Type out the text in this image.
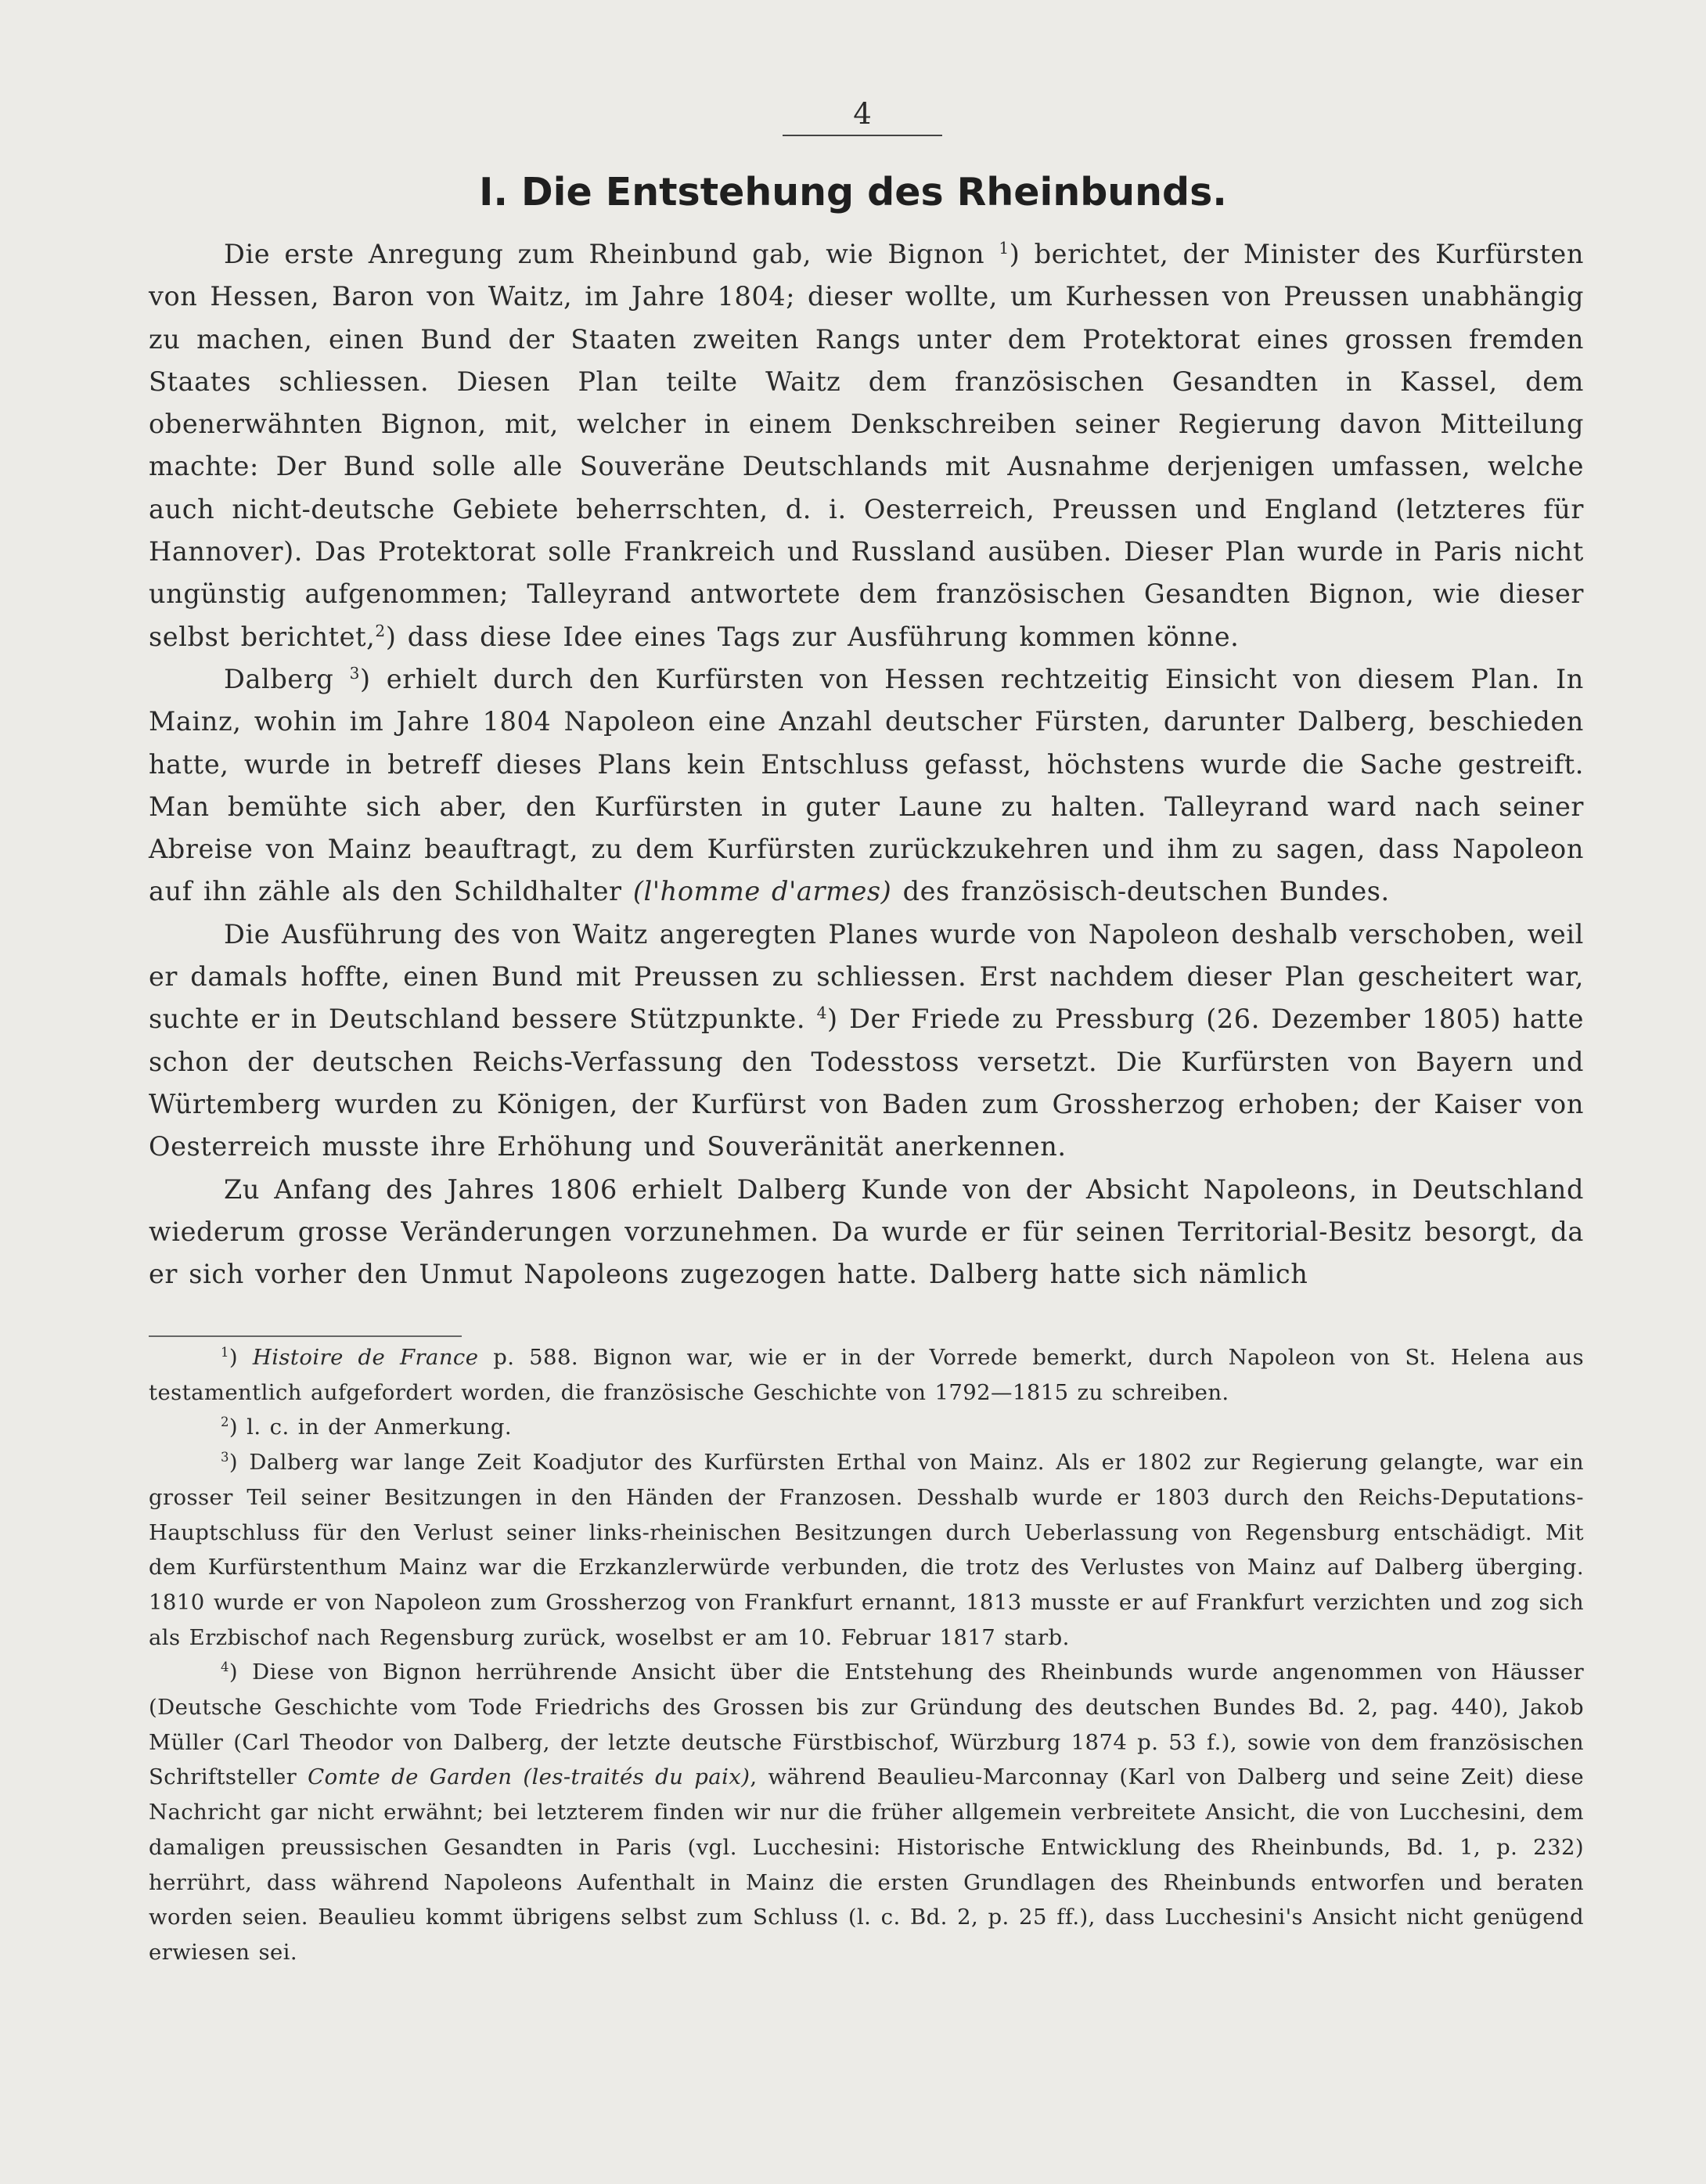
4
I. Die Entstehung des Rheinbunds.

Die erste Anregung zum Rheinbund gab, wie Bignon $^1$) berichtet, der Minister des Kurfürsten von Hessen, Baron von Waitz, im Jahre 1804; dieser wollte, um Kurhessen von Preussen unabhängig zu machen, einen Bund der Staaten zweiten Rangs unter dem Protektorat eines grossen fremden Staates schliessen. Diesen Plan teilte Waitz dem französischen Gesandten in Kassel, dem obenerwähnten Bignon, mit, welcher in einem Denkschreiben seiner Regierung davon Mitteilung machte: Der Bund solle alle Souveräne Deutschlands mit Ausnahme derjenigen umfassen, welche auch nicht-deutsche Gebiete beherrschten, d. i. Oesterreich, Preussen und England (letzteres für Hannover). Das Protektorat solle Frankreich und Russland ausüben. Dieser Plan wurde in Paris nicht ungünstig aufgenommen; Talleyrand antwortete dem französischen Gesandten Bignon, wie dieser selbst berichtet,$^2$) dass diese Idee eines Tags zur Ausführung kommen könne.

Dalberg $^3$) erhielt durch den Kurfürsten von Hessen rechtzeitig Einsicht von diesem Plan. In Mainz, wohin im Jahre 1804 Napoleon eine Anzahl deutscher Fürsten, darunter Dalberg, beschieden hatte, wurde in betreff dieses Plans kein Entschluss gefasst, höchstens wurde die Sache gestreift. Man bemühte sich aber, den Kurfürsten in guter Laune zu halten. Talleyrand ward nach seiner Abreise von Mainz beauftragt, zu dem Kurfürsten zurückzukehren und ihm zu sagen, dass Napoleon auf ihn zähle als den Schildhalter (l'homme d'armes) des französisch-deutschen Bundes.

Die Ausführung des von Waitz angeregten Planes wurde von Napoleon deshalb verschoben, weil er damals hoffte, einen Bund mit Preussen zu schliessen. Erst nachdem dieser Plan gescheitert war, suchte er in Deutschland bessere Stützpunkte. $^4$) Der Friede zu Pressburg (26. Dezember 1805) hatte schon der deutschen Reichs-Verfassung den Todesstoss versetzt. Die Kurfürsten von Bayern und Würtemberg wurden zu Königen, der Kurfürst von Baden zum Grossherzog erhoben; der Kaiser von Oesterreich musste ihre Erhöhung und Souveränität anerkennen.

Zu Anfang des Jahres 1806 erhielt Dalberg Kunde von der Absicht Napoleons, in Deutschland wiederum grosse Veränderungen vorzunehmen. Da wurde er für seinen Territorial-Besitz besorgt, da er sich vorher den Unmut Napoleons zugezogen hatte. Dalberg hatte sich nämlich

$^1$) Histoire de France p. 588. Bignon war, wie er in der Vorrede bemerkt, durch Napoleon von St. Helena aus testamentlich aufgefordert worden, die französische Geschichte von 1792—1815 zu schreiben.

$^2$) l. c. in der Anmerkung.

$^3$) Dalberg war lange Zeit Koadjutor des Kurfürsten Erthal von Mainz. Als er 1802 zur Regierung gelangte, war ein grosser Teil seiner Besitzungen in den Händen der Franzosen. Desshalb wurde er 1803 durch den Reichs-Deputations-Hauptschluss für den Verlust seiner links-rheinischen Besitzungen durch Ueberlassung von Regensburg entschädigt. Mit dem Kurfürstenthum Mainz war die Erzkanzlerwürde verbunden, die trotz des Verlustes von Mainz auf Dalberg überging. 1810 wurde er von Napoleon zum Grossherzog von Frankfurt ernannt, 1813 musste er auf Frankfurt verzichten und zog sich als Erzbischof nach Regensburg zurück, woselbst er am 10. Februar 1817 starb.

$^4$) Diese von Bignon herrührende Ansicht über die Entstehung des Rheinbunds wurde angenommen von Häusser (Deutsche Geschichte vom Tode Friedrichs des Grossen bis zur Gründung des deutschen Bundes Bd. 2, pag. 440), Jakob Müller (Carl Theodor von Dalberg, der letzte deutsche Fürstbischof, Würzburg 1874 p. 53 f.), sowie von dem französischen Schriftsteller Comte de Garden (les-traités du paix), während Beaulieu-Marconnay (Karl von Dalberg und seine Zeit) diese Nachricht gar nicht erwähnt; bei letzterem finden wir nur die früher allgemein verbreitete Ansicht, die von Lucchesini, dem damaligen preussischen Gesandten in Paris (vgl. Lucchesini: Historische Entwicklung des Rheinbunds, Bd. 1, p. 232) herrührt, dass während Napoleons Aufenthalt in Mainz die ersten Grundlagen des Rheinbunds entworfen und beraten worden seien. Beaulieu kommt übrigens selbst zum Schluss (l. c. Bd. 2, p. 25 ff.), dass Lucchesini's Ansicht nicht genügend erwiesen sei.
